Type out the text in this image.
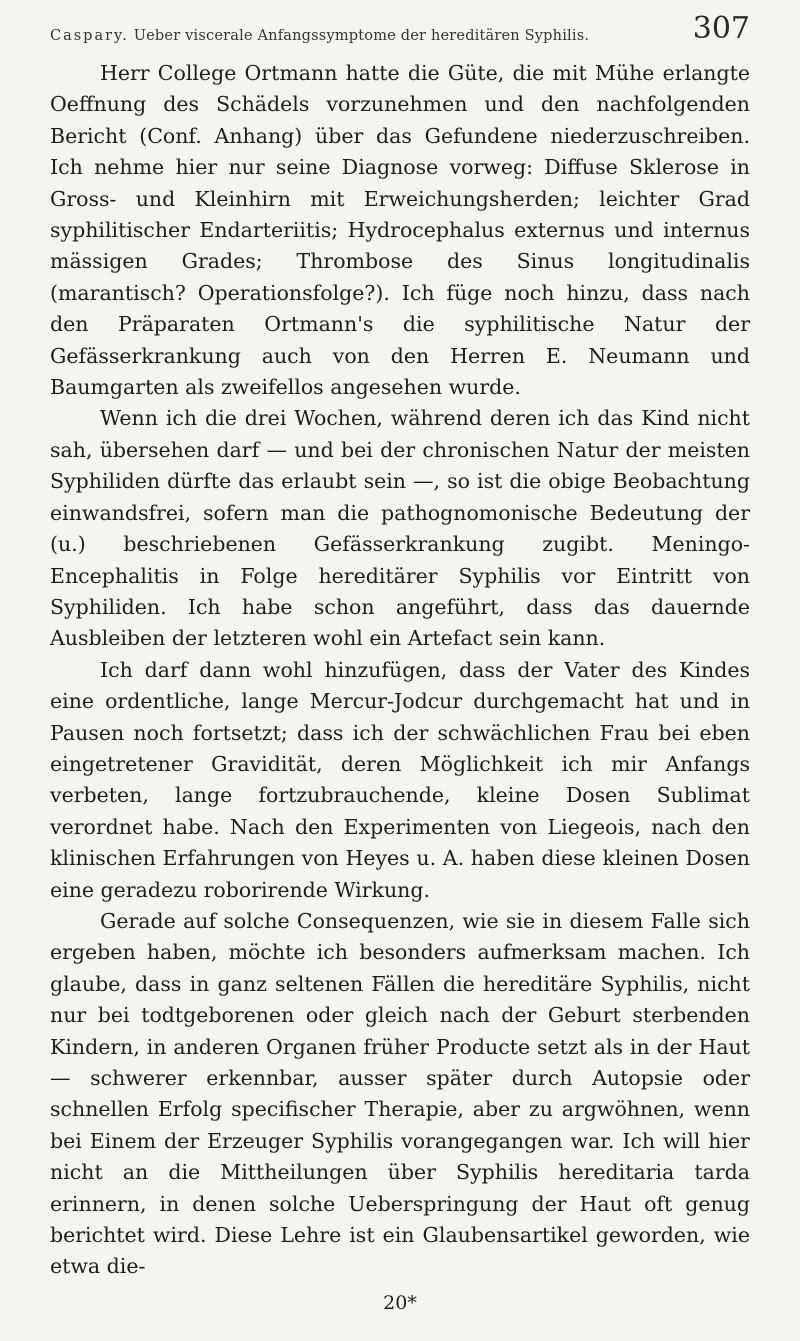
Caspary. Ueber viscerale Anfangssymptome der hereditären Syphilis.	307

Herr College Ortmann hatte die Güte, die mit Mühe erlangte Oeffnung des Schädels vorzunehmen und den nachfolgenden Bericht (Conf. Anhang) über das Gefundene niederzuschreiben. Ich nehme hier nur seine Diagnose vorweg: Diffuse Sklerose in Gross- und Kleinhirn mit Erweichungsherden; leichter Grad syphilitischer Endarteriitis; Hydrocephalus externus und internus mässigen Grades; Thrombose des Sinus longitudinalis (marantisch? Operationsfolge?). Ich füge noch hinzu, dass nach den Präparaten Ortmann's die syphilitische Natur der Gefässerkrankung auch von den Herren E. Neumann und Baumgarten als zweifellos angesehen wurde.

Wenn ich die drei Wochen, während deren ich das Kind nicht sah, übersehen darf — und bei der chronischen Natur der meisten Syphiliden dürfte das erlaubt sein —, so ist die obige Beobachtung einwandsfrei, sofern man die pathognomonische Bedeutung der (u.) beschriebenen Gefässerkrankung zugibt. Meningo-Encephalitis in Folge hereditärer Syphilis vor Eintritt von Syphiliden. Ich habe schon angeführt, dass das dauernde Ausbleiben der letzteren wohl ein Artefact sein kann.

Ich darf dann wohl hinzufügen, dass der Vater des Kindes eine ordentliche, lange Mercur-Jodcur durchgemacht hat und in Pausen noch fortsetzt; dass ich der schwächlichen Frau bei eben eingetretener Gravidität, deren Möglichkeit ich mir Anfangs verbeten, lange fortzubrauchende, kleine Dosen Sublimat verordnet habe. Nach den Experimenten von Liegeois, nach den klinischen Erfahrungen von Heyes u. A. haben diese kleinen Dosen eine geradezu roborirende Wirkung.

Gerade auf solche Consequenzen, wie sie in diesem Falle sich ergeben haben, möchte ich besonders aufmerksam machen. Ich glaube, dass in ganz seltenen Fällen die hereditäre Syphilis, nicht nur bei todtgeborenen oder gleich nach der Geburt sterbenden Kindern, in anderen Organen früher Producte setzt als in der Haut — schwerer erkennbar, ausser später durch Autopsie oder schnellen Erfolg specifischer Therapie, aber zu argwöhnen, wenn bei Einem der Erzeuger Syphilis vorangegangen war. Ich will hier nicht an die Mittheilungen über Syphilis hereditaria tarda erinnern, in denen solche Ueberspringung der Haut oft genug berichtet wird. Diese Lehre ist ein Glaubensartikel geworden, wie etwa die-

20*
